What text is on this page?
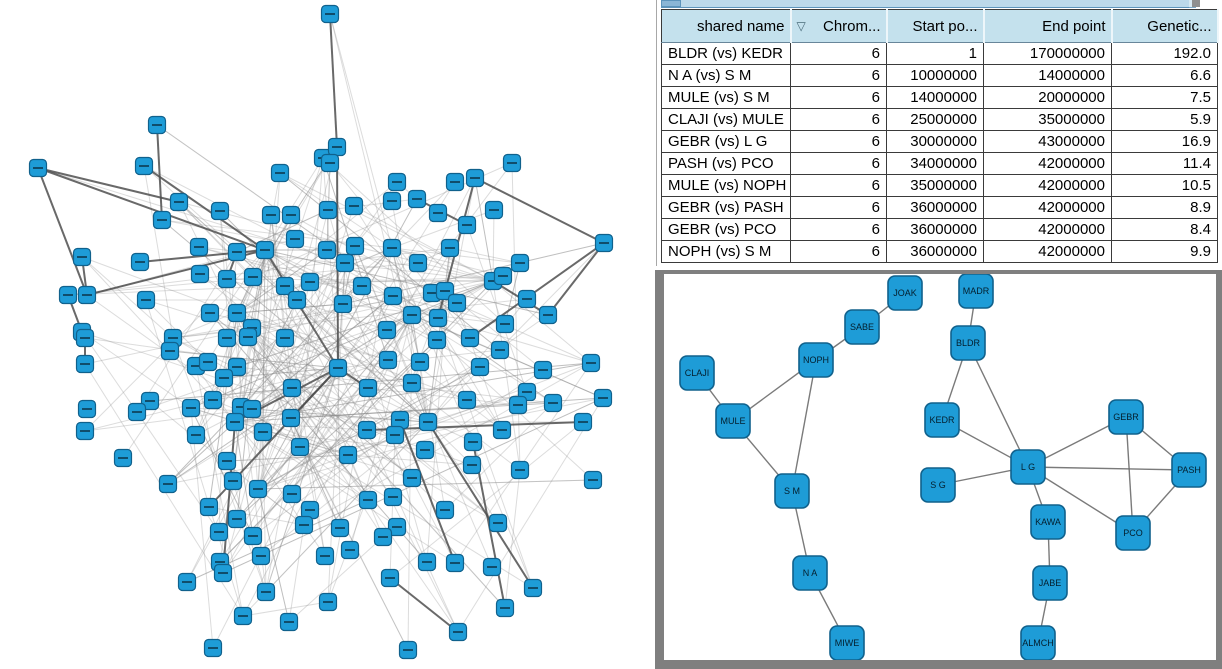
shared name	▽ Chrom...	Start po...	End point	Genetic...

BLDR (vs) KEDR	6	1	170000000	192.0
N A (vs) S M	6	10000000	14000000	6.6
MULE (vs) S M	6	14000000	20000000	7.5
CLAJI (vs) MULE	6	25000000	35000000	5.9
GEBR (vs) L G	6	30000000	43000000	16.9
PASH (vs) PCO	6	34000000	42000000	11.4
MULE (vs) NOPH	6	35000000	42000000	10.5
GEBR (vs) PASH	6	36000000	42000000	8.9
GEBR (vs) PCO	6	36000000	42000000	8.4
NOPH (vs) S M	6	36000000	42000000	9.9
JOAK
SABE
NOPH
CLAJI
MULE
S M
N A
MIWE
MADR
BLDR
KEDR
S G
L G
GEBR
PASH
PCO
KAWA
JABE
ALMCH
